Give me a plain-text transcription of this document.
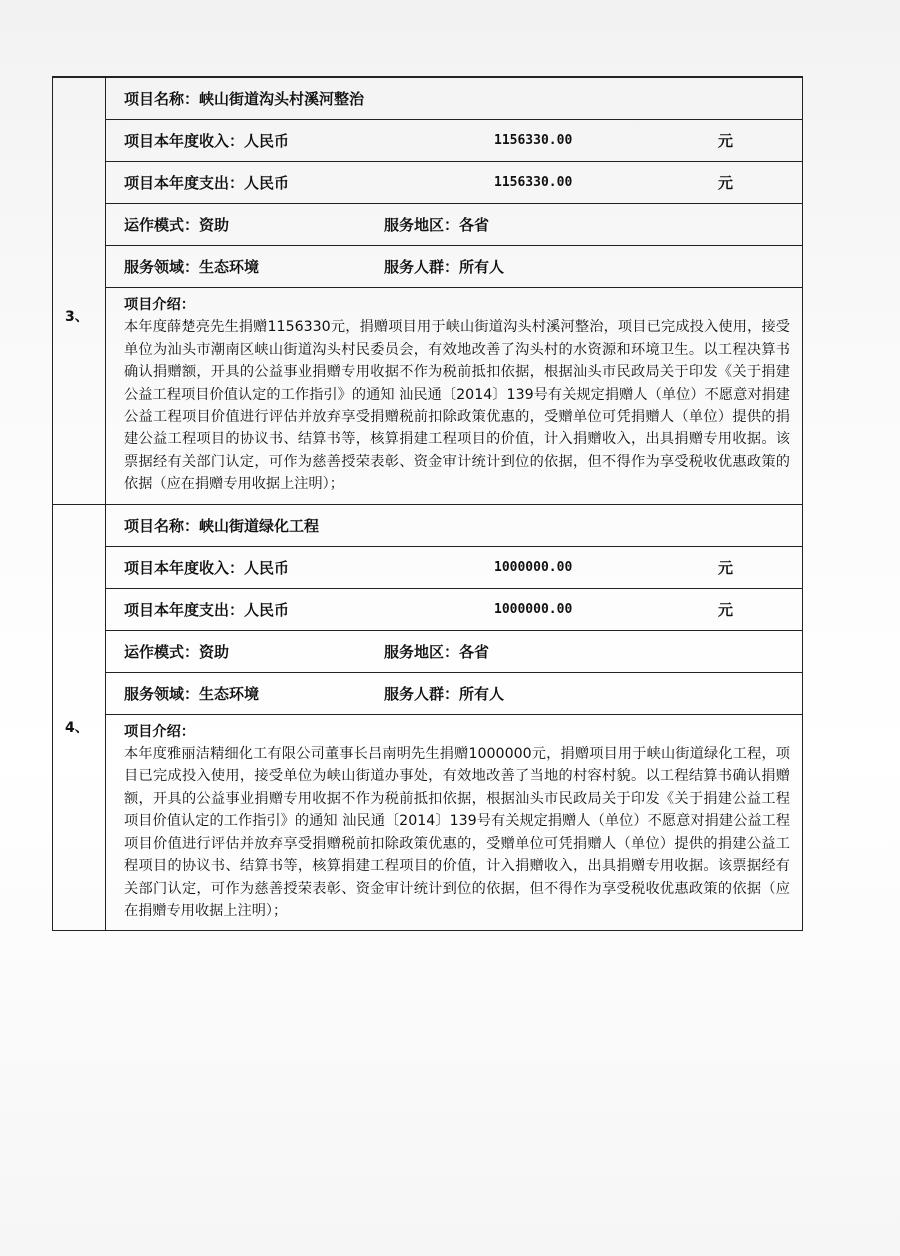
3、
项目名称：峡山街道沟头村溪河整治
项目本年度收入：人民币	1156330.00	元
项目本年度支出：人民币	1156330.00	元
运作模式：资助	服务地区：各省
服务领域：生态环境	服务人群：所有人
项目介绍：
本年度薛楚亮先生捐赠1156330元，捐赠项目用于峡山街道沟头村溪河整治，项目已完成投入使用，接受单位为汕头市潮南区峡山街道沟头村民委员会，有效地改善了沟头村的水资源和环境卫生。以工程决算书确认捐赠额，开具的公益事业捐赠专用收据不作为税前抵扣依据，根据汕头市民政局关于印发《关于捐建公益工程项目价值认定的工作指引》的通知 汕民通〔2014〕139号有关规定捐赠人（单位）不愿意对捐建公益工程项目价值进行评估并放弃享受捐赠税前扣除政策优惠的，受赠单位可凭捐赠人（单位）提供的捐建公益工程项目的协议书、结算书等，核算捐建工程项目的价值，计入捐赠收入，出具捐赠专用收据。该票据经有关部门认定，可作为慈善授荣表彰、资金审计统计到位的依据，但不得作为享受税收优惠政策的依据（应在捐赠专用收据上注明）；
4、
项目名称：峡山街道绿化工程
项目本年度收入：人民币	1000000.00	元
项目本年度支出：人民币	1000000.00	元
运作模式：资助	服务地区：各省
服务领域：生态环境	服务人群：所有人
项目介绍：
本年度雅丽洁精细化工有限公司董事长吕南明先生捐赠1000000元，捐赠项目用于峡山街道绿化工程，项目已完成投入使用，接受单位为峡山街道办事处，有效地改善了当地的村容村貌。以工程结算书确认捐赠额，开具的公益事业捐赠专用收据不作为税前抵扣依据，根据汕头市民政局关于印发《关于捐建公益工程项目价值认定的工作指引》的通知 汕民通〔2014〕139号有关规定捐赠人（单位）不愿意对捐建公益工程项目价值进行评估并放弃享受捐赠税前扣除政策优惠的，受赠单位可凭捐赠人（单位）提供的捐建公益工程项目的协议书、结算书等，核算捐建工程项目的价值，计入捐赠收入，出具捐赠专用收据。该票据经有关部门认定，可作为慈善授荣表彰、资金审计统计到位的依据，但不得作为享受税收优惠政策的依据（应在捐赠专用收据上注明）；
